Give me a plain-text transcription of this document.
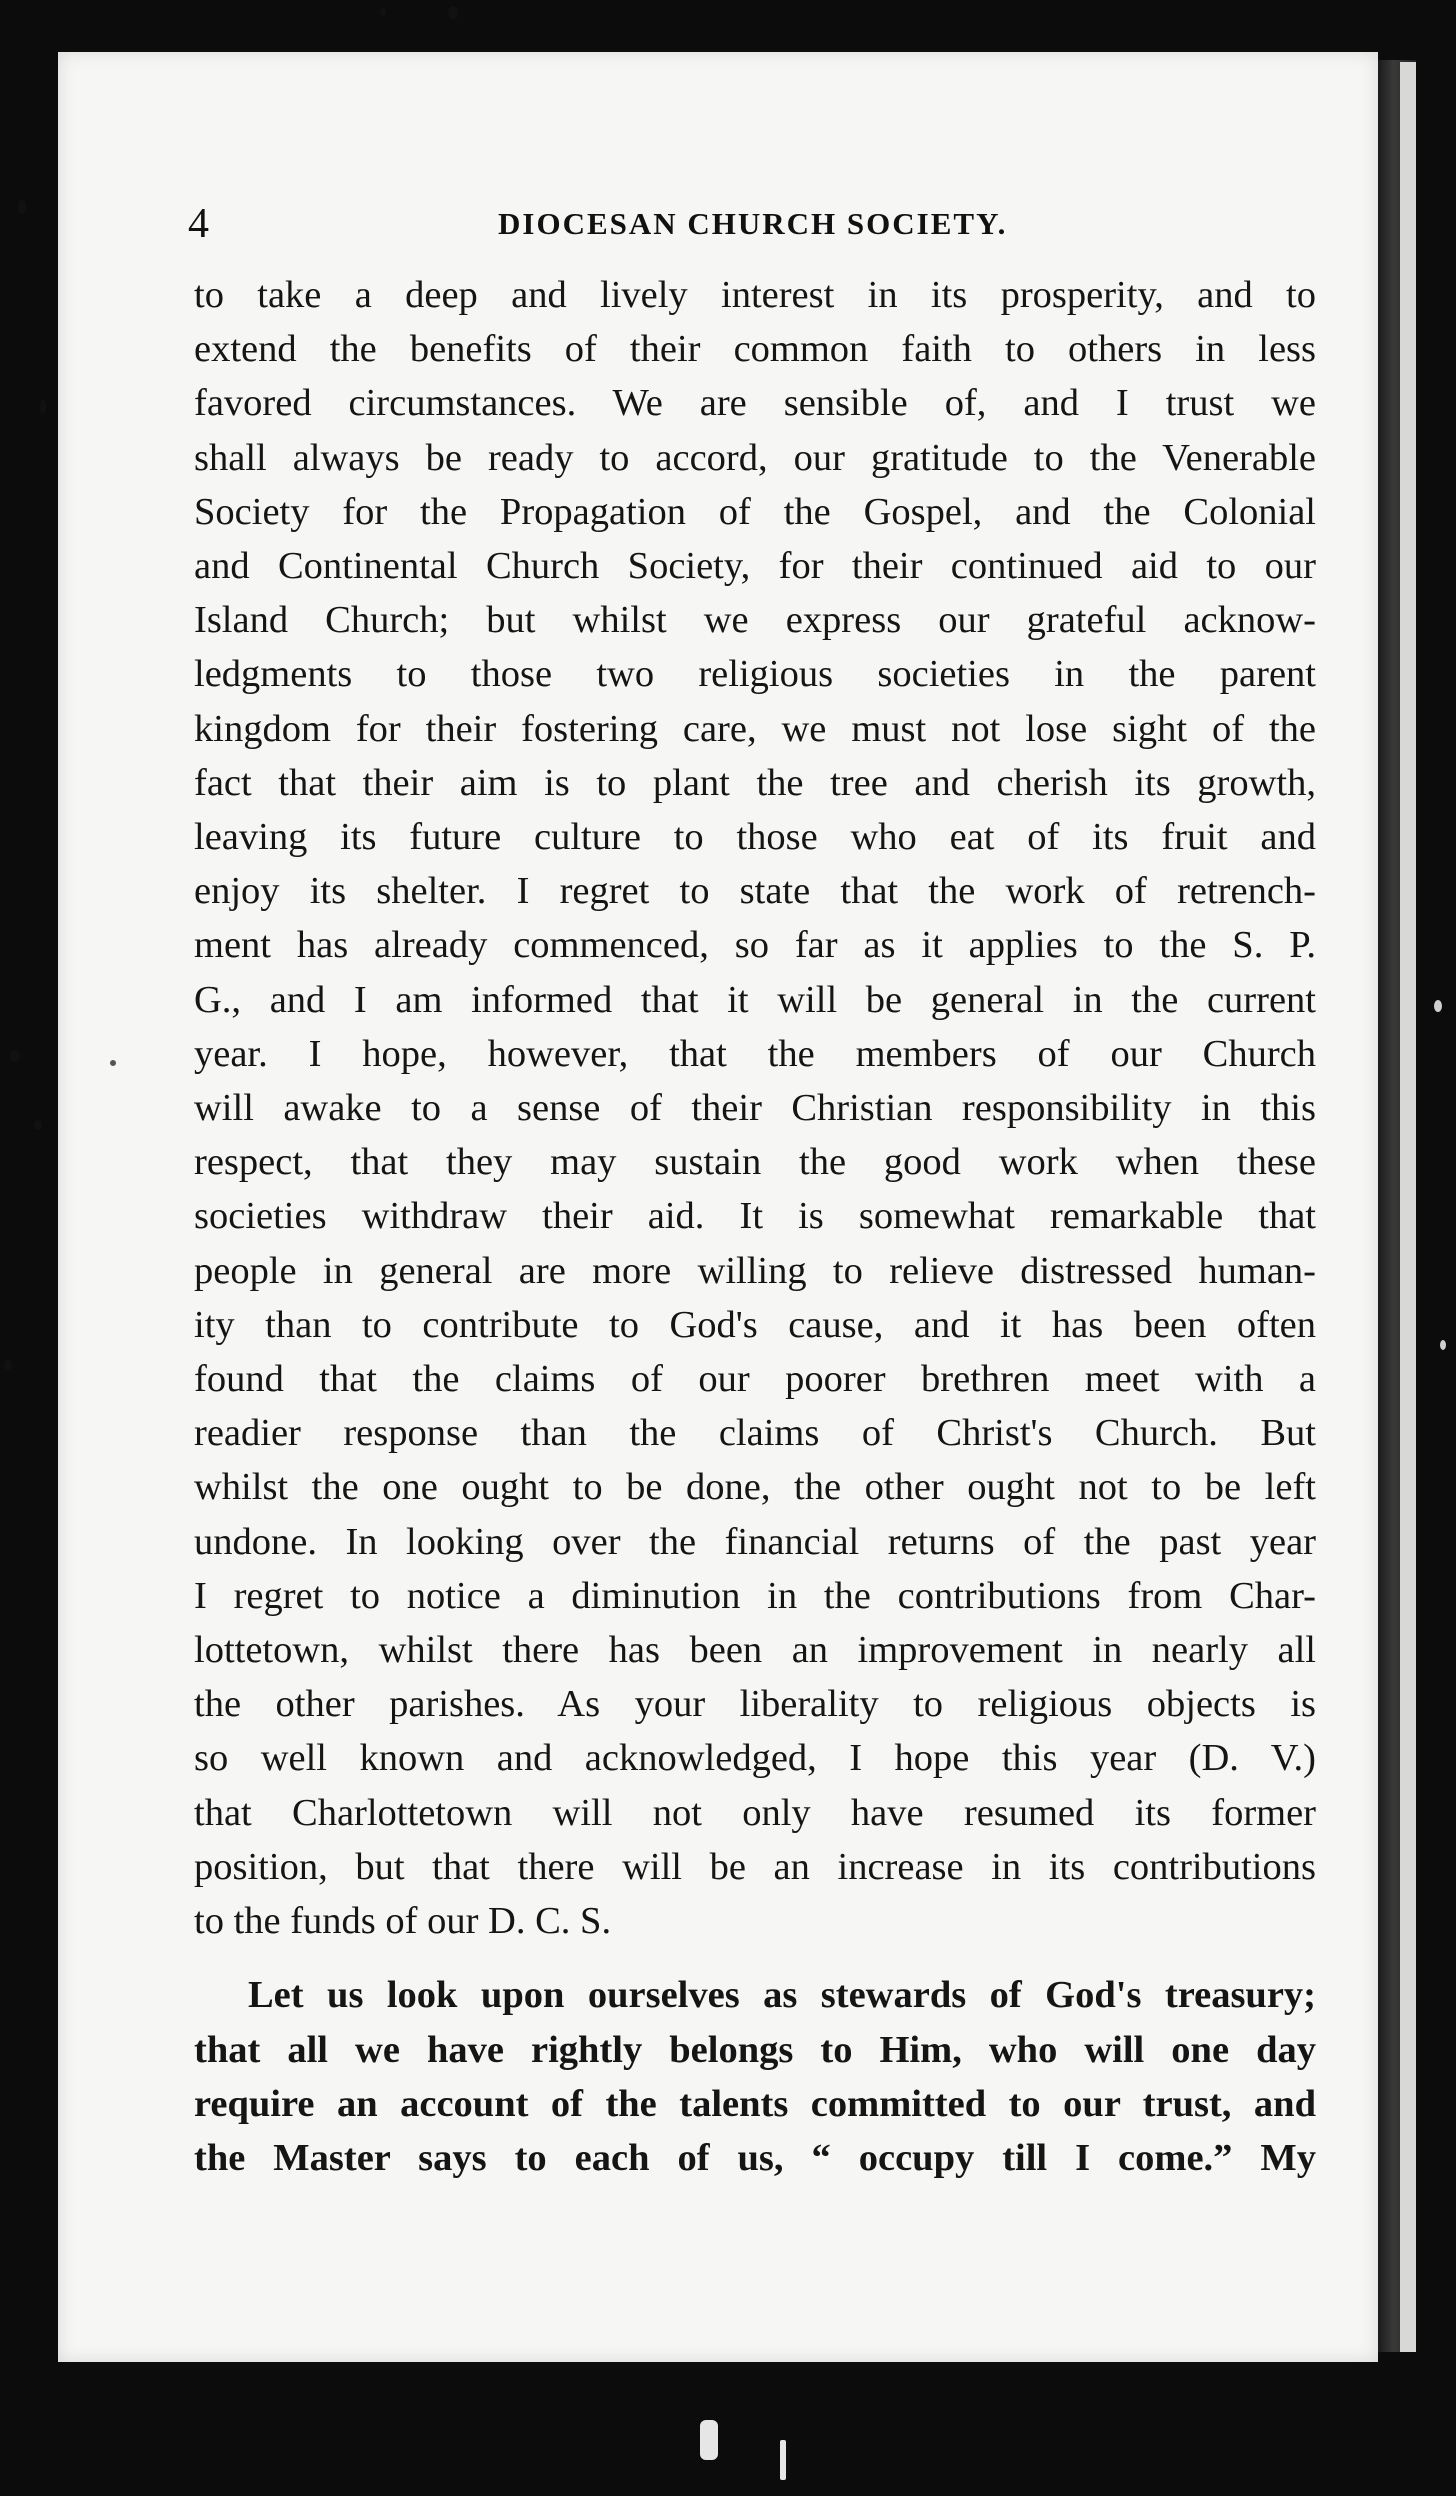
4	DIOCESAN CHURCH SOCIETY.
to take a deep and lively interest in its prosperity, and to
extend the benefits of their common faith to others in less
favored circumstances. We are sensible of, and I trust we
shall always be ready to accord, our gratitude to the Venerable
Society for the Propagation of the Gospel, and the Colonial
and Continental Church Society, for their continued aid to our
Island Church; but whilst we express our grateful acknow-
ledgments to those two religious societies in the parent
kingdom for their fostering care, we must not lose sight of the
fact that their aim is to plant the tree and cherish its growth,
leaving its future culture to those who eat of its fruit and
enjoy its shelter. I regret to state that the work of retrench-
ment has already commenced, so far as it applies to the S. P.
G., and I am informed that it will be general in the current
year. I hope, however, that the members of our Church
will awake to a sense of their Christian responsibility in this
respect, that they may sustain the good work when these
societies withdraw their aid. It is somewhat remarkable that
people in general are more willing to relieve distressed human-
ity than to contribute to God's cause, and it has been often
found that the claims of our poorer brethren meet with a
readier response than the claims of Christ's Church. But
whilst the one ought to be done, the other ought not to be left
undone. In looking over the financial returns of the past year
I regret to notice a diminution in the contributions from Char-
lottetown, whilst there has been an improvement in nearly all
the other parishes. As your liberality to religious objects is
so well known and acknowledged, I hope this year (D. V.)
that Charlottetown will not only have resumed its former
position, but that there will be an increase in its contributions
to the funds of our D. C. S.
Let us look upon ourselves as stewards of God's treasury;
that all we have rightly belongs to Him, who will one day
require an account of the talents committed to our trust, and
the Master says to each of us, “ occupy till I come.” My
